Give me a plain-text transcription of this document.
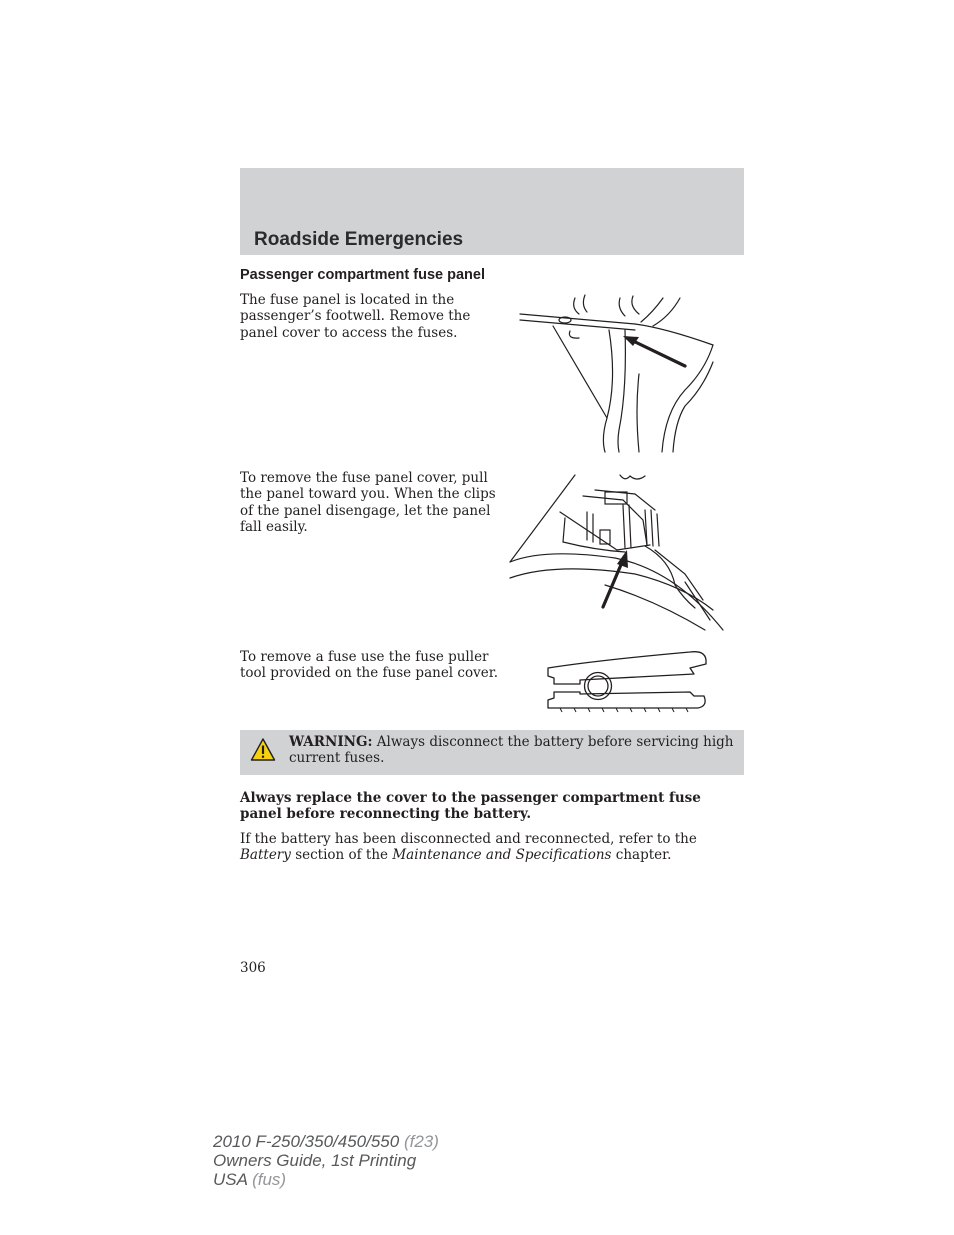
Roadside Emergencies
Passenger compartment fuse panel

The fuse panel is located in the passenger’s footwell. Remove the panel cover to access the fuses.

To remove the fuse panel cover, pull the panel toward you. When the clips of the panel disengage, let the panel fall easily.

To remove a fuse use the fuse puller tool provided on the fuse panel cover.

WARNING: Always disconnect the battery before servicing high current fuses.

Always replace the cover to the passenger compartment fuse panel before reconnecting the battery.

If the battery has been disconnected and reconnected, refer to the Battery section of the Maintenance and Specifications chapter.

306

2010 F-250/350/450/550 (f23)
Owners Guide, 1st Printing
USA (fus)
